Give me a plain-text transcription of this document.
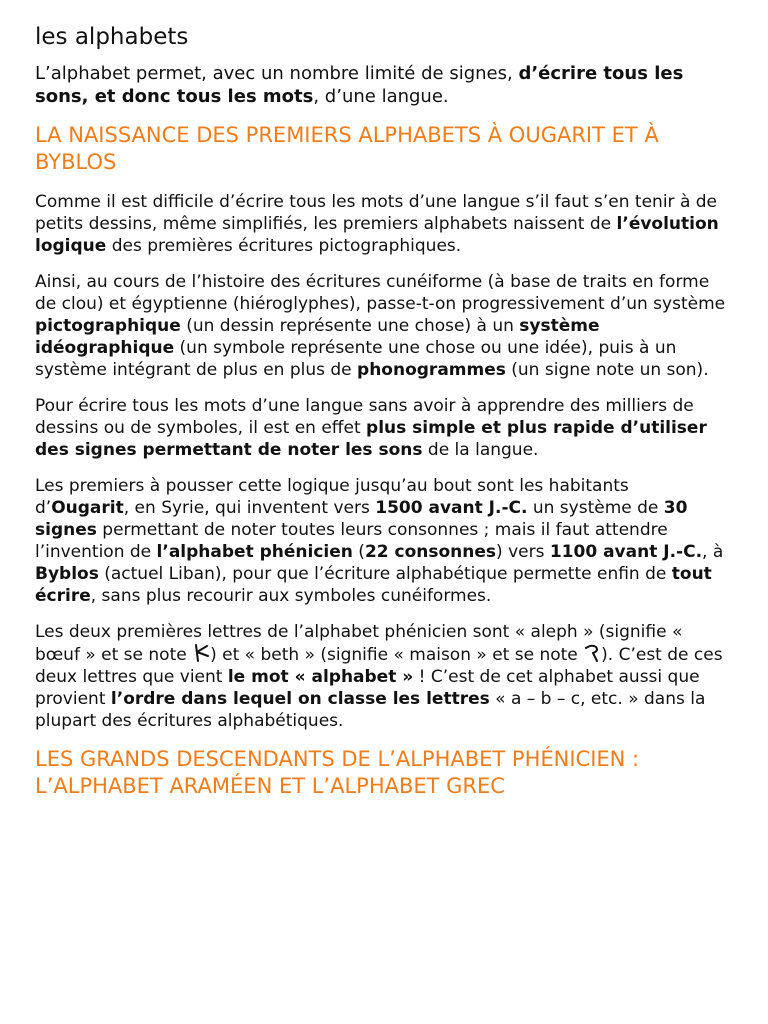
les alphabets

L’alphabet permet, avec un nombre limité de signes, d’écrire tous les sons, et donc tous les mots, d’une langue.

LA NAISSANCE DES PREMIERS ALPHABETS À OUGARIT ET À BYBLOS

Comme il est difficile d’écrire tous les mots d’une langue s’il faut s’en tenir à de petits dessins, même simplifiés, les premiers alphabets naissent de l’évolution logique des premières écritures pictographiques.

Ainsi, au cours de l’histoire des écritures cunéiforme (à base de traits en forme de clou) et égyptienne (hiéroglyphes), passe-t-on progressivement d’un système pictographique (un dessin représente une chose) à un système idéographique (un symbole représente une chose ou une idée), puis à un système intégrant de plus en plus de phonogrammes (un signe note un son).

Pour écrire tous les mots d’une langue sans avoir à apprendre des milliers de dessins ou de symboles, il est en effet plus simple et plus rapide d’utiliser des signes permettant de noter les sons de la langue.

Les premiers à pousser cette logique jusqu’au bout sont les habitants d’Ougarit, en Syrie, qui inventent vers 1500 avant J.-C. un système de 30 signes permettant de noter toutes leurs consonnes ; mais il faut attendre l’invention de l’alphabet phénicien (22 consonnes) vers 1100 avant J.-C., à Byblos (actuel Liban), pour que l’écriture alphabétique permette enfin de tout écrire, sans plus recourir aux symboles cunéiformes.

Les deux premières lettres de l’alphabet phénicien sont « aleph » (signifie « bœuf » et se note
) et « beth » (signifie « maison » et se note
). C’est de ces deux lettres que vient le mot « alphabet » ! C’est de cet alphabet aussi que provient l’ordre dans lequel on classe les lettres « a – b – c, etc. » dans la plupart des écritures alphabétiques.

LES GRANDS DESCENDANTS DE L’ALPHABET PHÉNICIEN : L’ALPHABET ARAMÉEN ET L’ALPHABET GREC
